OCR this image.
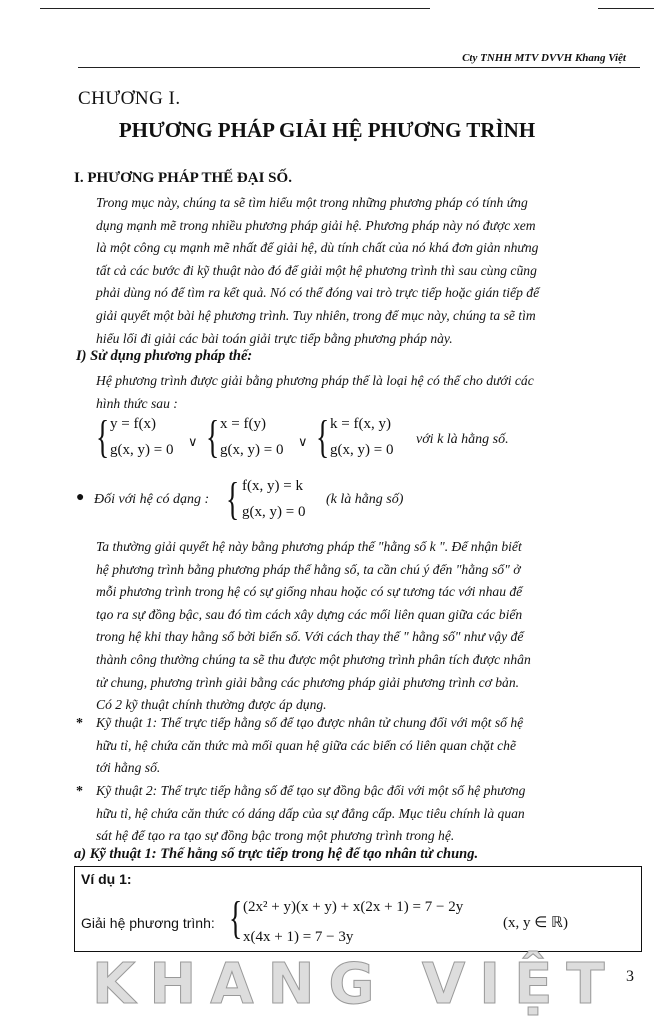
Cty TNHH MTV DVVH Khang Việt
CHƯƠNG I.
PHƯƠNG PHÁP GIẢI HỆ PHƯƠNG TRÌNH
I. PHƯƠNG PHÁP THẾ ĐẠI SỐ.
Trong mục này, chúng ta sẽ tìm hiểu một trong những phương pháp có tính ứng
dụng mạnh mẽ trong nhiều phương pháp giải hệ. Phương pháp này nó được xem
là một công cụ mạnh mẽ nhất để giải hệ, dù tính chất của nó khá đơn giản nhưng
tất cả các bước đi kỹ thuật nào đó để giải một hệ phương trình thì sau cùng cũng
phải dùng nó để tìm ra kết quả. Nó có thể đóng vai trò trực tiếp hoặc gián tiếp để
giải quyết một bài hệ phương trình. Tuy nhiên, trong để mục này, chúng ta sẽ tìm
hiểu lối đi giải các bài toán giải trực tiếp bằng phương pháp này.
I) Sử dụng phương pháp thế:
Hệ phương trình được giải bằng phương pháp thế là loại hệ có thể cho dưới các
hình thức sau :
{ y = f(x)
g(x, y) = 0
∨ { x = f(y)
g(x, y) = 0
∨ { k = f(x, y)
g(x, y) = 0
với k là hằng số.
● Đối với hệ có dạng : { f(x, y) = k
g(x, y) = 0
(k là hằng số)
Ta thường giải quyết hệ này bằng phương pháp thế "hằng số k ". Để nhận biết
hệ phương trình bằng phương pháp thế hằng số, ta cần chú ý đến "hằng số" ở
mỗi phương trình trong hệ có sự giống nhau hoặc có sự tương tác với nhau để
tạo ra sự đồng bậc, sau đó tìm cách xây dựng các mối liên quan giữa các biến
trong hệ khi thay hằng số bởi biến số. Với cách thay thế " hằng số" như vậy để
thành công thường chúng ta sẽ thu được một phương trình phân tích được nhân
tử chung, phương trình giải bằng các phương pháp giải phương trình cơ bản.
Có 2 kỹ thuật chính thường được áp dụng.
* Kỹ thuật 1: Thế trực tiếp hằng số để tạo được nhân tử chung đối với một số hệ
hữu tỉ, hệ chứa căn thức mà mối quan hệ giữa các biến có liên quan chặt chẽ
tới hằng số.
* Kỹ thuật 2: Thế trực tiếp hằng số để tạo sự đồng bậc đối với một số hệ phương
hữu tỉ, hệ chứa căn thức có dáng dấp của sự đẳng cấp. Mục tiêu chính là quan
sát hệ để tạo ra tạo sự đồng bậc trong một phương trình trong hệ.
a) Kỹ thuật 1: Thế hằng số trực tiếp trong hệ để tạo nhân tử chung.
Ví dụ 1:
Giải hệ phương trình: { (2x² + y)(x + y) + x(2x + 1) = 7 − 2y
x(4x + 1) = 7 − 3y
(x, y ∈ ℝ)
KHANG VIỆT 3
